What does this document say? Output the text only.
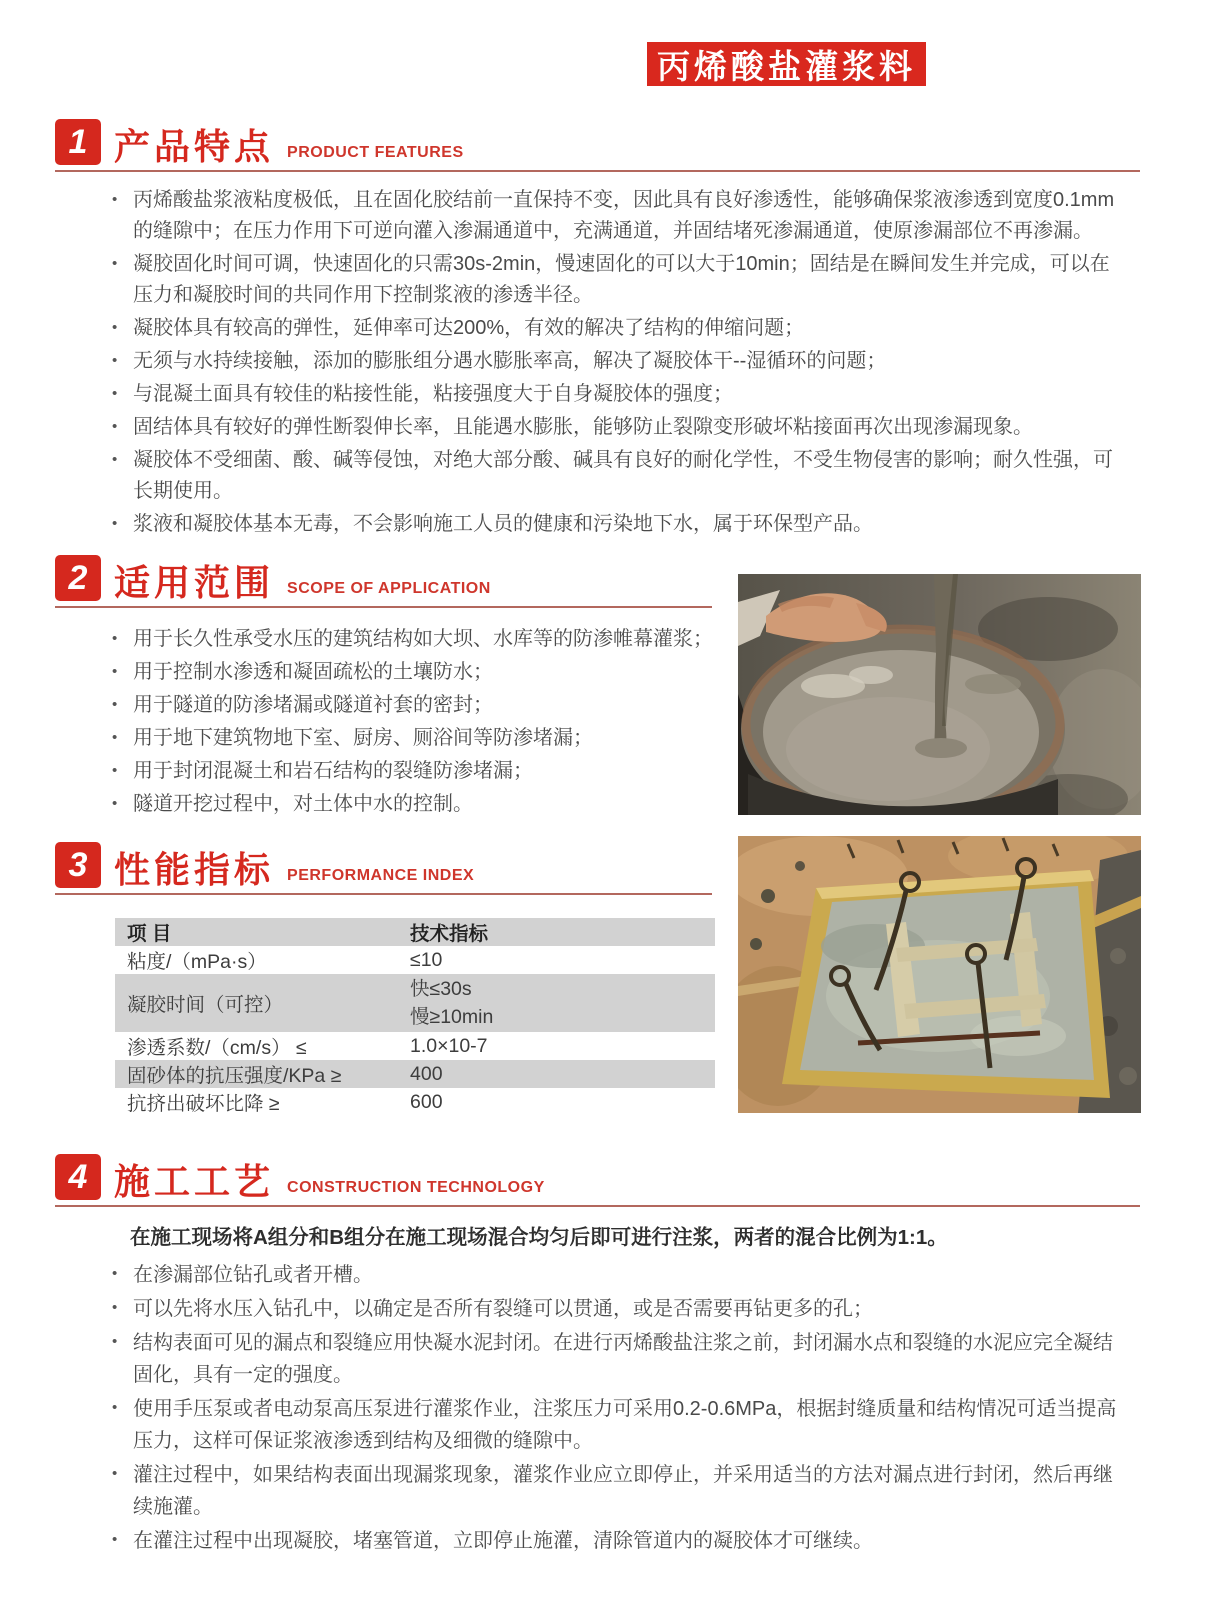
丙烯酸盐灌浆料
1 产品特点 PRODUCT FEATURES
• 丙烯酸盐浆液粘度极低，且在固化胶结前一直保持不变，因此具有良好渗透性，能够确保浆液渗透到宽度0.1mm的缝隙中；在压力作用下可逆向灌入渗漏通道中，充满通道，并固结堵死渗漏通道，使原渗漏部位不再渗漏。
• 凝胶固化时间可调，快速固化的只需30s-2min，慢速固化的可以大于10min；固结是在瞬间发生并完成，可以在压力和凝胶时间的共同作用下控制浆液的渗透半径。
• 凝胶体具有较高的弹性，延伸率可达200%，有效的解决了结构的伸缩问题；
• 无须与水持续接触，添加的膨胀组分遇水膨胀率高，解决了凝胶体干--湿循环的问题；
• 与混凝土面具有较佳的粘接性能，粘接强度大于自身凝胶体的强度；
• 固结体具有较好的弹性断裂伸长率，且能遇水膨胀，能够防止裂隙变形破坏粘接面再次出现渗漏现象。
• 凝胶体不受细菌、酸、碱等侵蚀，对绝大部分酸、碱具有良好的耐化学性，不受生物侵害的影响；耐久性强，可长期使用。
• 浆液和凝胶体基本无毒，不会影响施工人员的健康和污染地下水，属于环保型产品。
2 适用范围 SCOPE OF APPLICATION
• 用于长久性承受水压的建筑结构如大坝、水库等的防渗帷幕灌浆；
• 用于控制水渗透和凝固疏松的土壤防水；
• 用于隧道的防渗堵漏或隧道衬套的密封；
• 用于地下建筑物地下室、厨房、厕浴间等防渗堵漏；
• 用于封闭混凝土和岩石结构的裂缝防渗堵漏；
• 隧道开挖过程中，对土体中水的控制。
3 性能指标 PERFORMANCE INDEX
项 目	技术指标
粘度/（mPa·s）	≤10
凝胶时间（可控）
快≤30s
慢≥10min
渗透系数/（cm/s） ≤	1.0×10-7
固砂体的抗压强度/KPa ≥	400
抗挤出破坏比降 ≥	600
4 施工工艺 CONSTRUCTION TECHNOLOGY
在施工现场将A组分和B组分在施工现场混合均匀后即可进行注浆，两者的混合比例为1:1。
• 在渗漏部位钻孔或者开槽。
• 可以先将水压入钻孔中，以确定是否所有裂缝可以贯通，或是否需要再钻更多的孔；
• 结构表面可见的漏点和裂缝应用快凝水泥封闭。在进行丙烯酸盐注浆之前，封闭漏水点和裂缝的水泥应完全凝结固化，具有一定的强度。
• 使用手压泵或者电动泵高压泵进行灌浆作业，注浆压力可采用0.2-0.6MPa，根据封缝质量和结构情况可适当提高压力，这样可保证浆液渗透到结构及细微的缝隙中。
• 灌注过程中，如果结构表面出现漏浆现象，灌浆作业应立即停止，并采用适当的方法对漏点进行封闭，然后再继续施灌。
• 在灌注过程中出现凝胶，堵塞管道，立即停止施灌，清除管道内的凝胶体才可继续。
